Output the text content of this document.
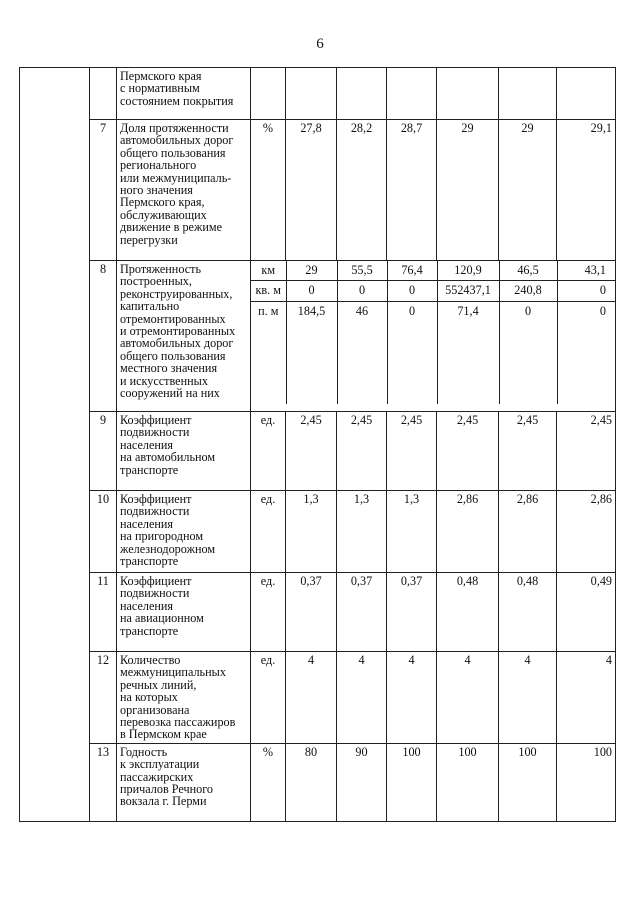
6

Пермского края
с нормативным
состоянием покрытия

7	Доля протяженности
автомобильных дорог
общего пользования
регионального
или межмуниципаль-
ного значения
Пермского края,
обслуживающих
движение в режиме
перегрузки
	%	27,8	28,2	28,7	29	29	29,1
8	Протяженность
построенных,
реконструированных,
капитально
отремонтированных
и отремонтированных
автомобильных дорог
общего пользования
местного значения
и искусственных
сооружений на них

км	29	55,5	76,4	120,9	46,5	43,1
кв. м	0	0	0	552437,1	240,8	0
п. м	184,5	46	0	71,4	0	0

9	Коэффициент
подвижности
населения
на автомобильном
транспорте
	ед.	2,45	2,45	2,45	2,45	2,45	2,45
10	Коэффициент
подвижности
населения
на пригородном
железнодорожном
транспорте
	ед.	1,3	1,3	1,3	2,86	2,86	2,86
11	Коэффициент
подвижности
населения
на авиационном
транспорте
	ед.	0,37	0,37	0,37	0,48	0,48	0,49
12	Количество
межмуниципальных
речных линий,
на которых
организована
перевозка пассажиров
в Пермском крае
	ед.	4	4	4	4	4	4
13	Годность
к эксплуатации
пассажирских
причалов Речного
вокзала г. Перми
	%	80	90	100	100	100	100
